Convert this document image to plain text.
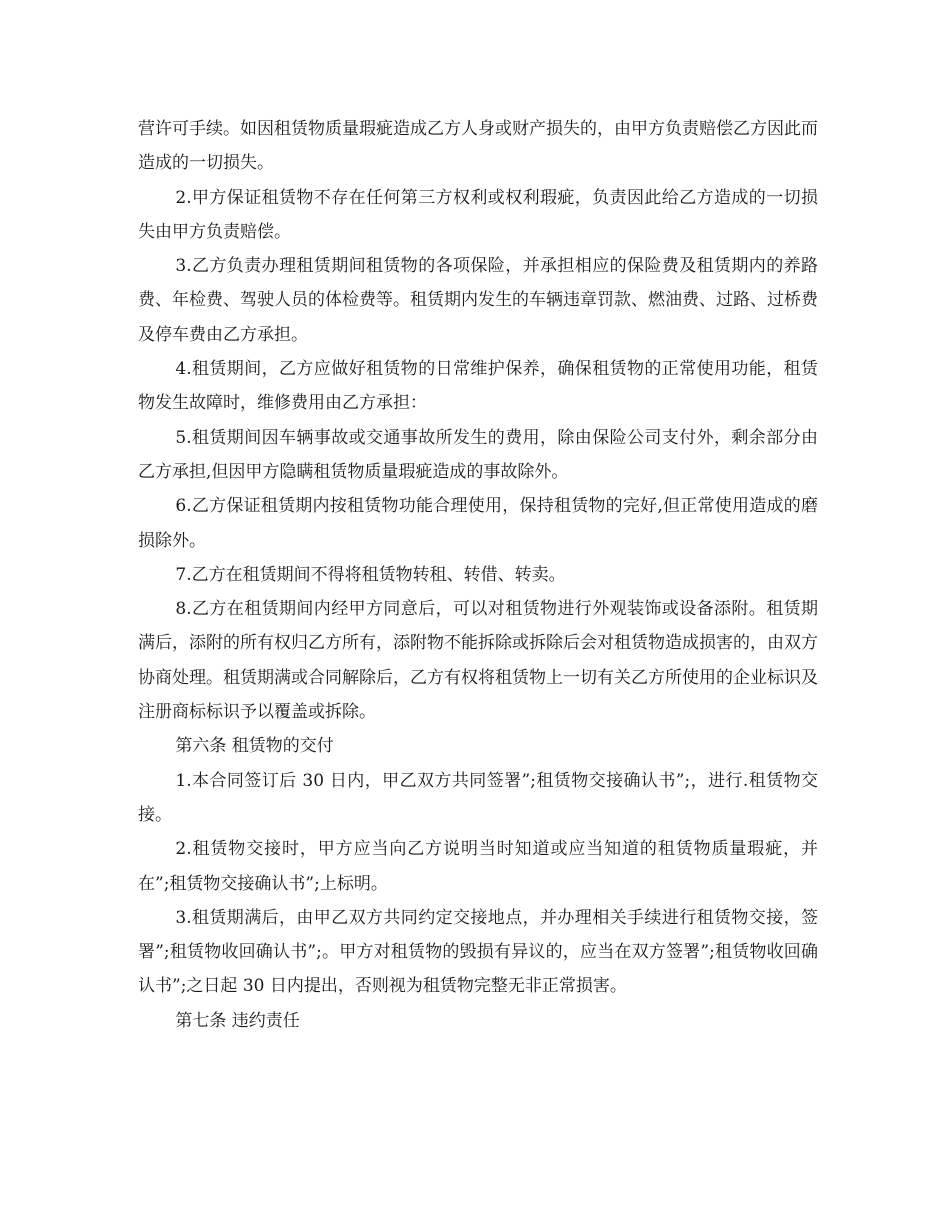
营许可手续。如因租赁物质量瑕疵造成乙方人身或财产损失的，由甲方负责赔偿乙方因此而造成的一切损失。

2.甲方保证租赁物不存在任何第三方权利或权利瑕疵，负责因此给乙方造成的一切损失由甲方负责赔偿。

3.乙方负责办理租赁期间租赁物的各项保险，并承担相应的保险费及租赁期内的养路费、年检费、驾驶人员的体检费等。租赁期内发生的车辆违章罚款、燃油费、过路、过桥费及停车费由乙方承担。

4.租赁期间，乙方应做好租赁物的日常维护保养，确保租赁物的正常使用功能，租赁物发生故障时，维修费用由乙方承担：

5.租赁期间因车辆事故或交通事故所发生的费用，除由保险公司支付外，剩余部分由乙方承担,但因甲方隐瞒租赁物质量瑕疵造成的事故除外。

6.乙方保证租赁期内按租赁物功能合理使用，保持租赁物的完好,但正常使用造成的磨损除外。

7.乙方在租赁期间不得将租赁物转租、转借、转卖。

8.乙方在租赁期间内经甲方同意后，可以对租赁物进行外观装饰或设备添附。租赁期满后，添附的所有权归乙方所有，添附物不能拆除或拆除后会对租赁物造成损害的，由双方协商处理。租赁期满或合同解除后，乙方有权将租赁物上一切有关乙方所使用的企业标识及注册商标标识予以覆盖或拆除。

第六条 租赁物的交付

1.本合同签订后 30 日内，甲乙双方共同签署”;租赁物交接确认书”;，进行.租赁物交接。

2.租赁物交接时，甲方应当向乙方说明当时知道或应当知道的租赁物质量瑕疵，并在”;租赁物交接确认书”;上标明。

3.租赁期满后，由甲乙双方共同约定交接地点，并办理相关手续进行租赁物交接，签署”;租赁物收回确认书”;。甲方对租赁物的毁损有异议的，应当在双方签署”;租赁物收回确认书”;之日起 30 日内提出，否则视为租赁物完整无非正常损害。

第七条 违约责任
